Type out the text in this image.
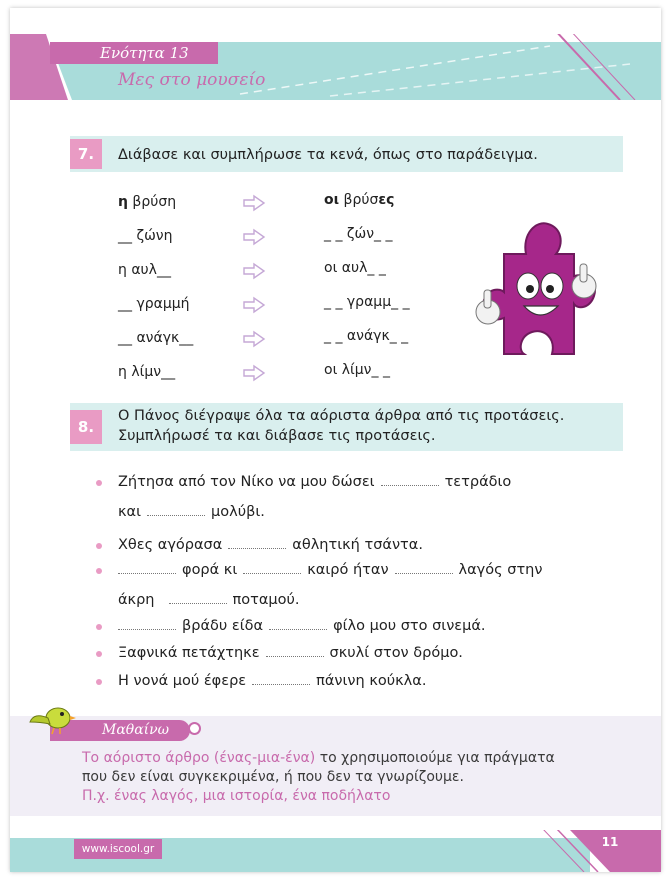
Ενότητα 13
Μες στο μουσείο
7.	Διάβασε και συμπλήρωσε τα κενά, όπως στο παράδειγμα.
η βρύση	οι βρύσες
__ ζώνη	_ _ ζών_ _
η αυλ__	οι αυλ_ _
__ γραμμή	_ _ γραμμ_ _
__ ανάγκ__	_ _ ανάγκ_ _
η λίμν__	οι λίμν_ _
8.
Ο Πάνος διέγραψε όλα τα αόριστα άρθρα από τις προτάσεις.
Συμπλήρωσέ τα και διάβασε τις προτάσεις.
Ζήτησα από τον Νίκο να μου δώσει	τετράδιο
και	μολύβι.
Χθες αγόρασα	αθλητική τσάντα.
φορά κι	καιρό ήταν	λαγός στην
άκρη	ποταμού.
βράδυ είδα	φίλο μου στο σινεμά.
Ξαφνικά πετάχτηκε	σκυλί στον δρόμο.
Η νονά μού έφερε	πάνινη κούκλα.
Μαθαίνω
Το αόριστο άρθρο (ένας-μια-ένα) το χρησιμοποιούμε για πράγματα
που δεν είναι συγκεκριμένα, ή που δεν τα γνωρίζουμε.
Π.χ. ένας λαγός, μια ιστορία, ένα ποδήλατο
www.iscool.gr	11
